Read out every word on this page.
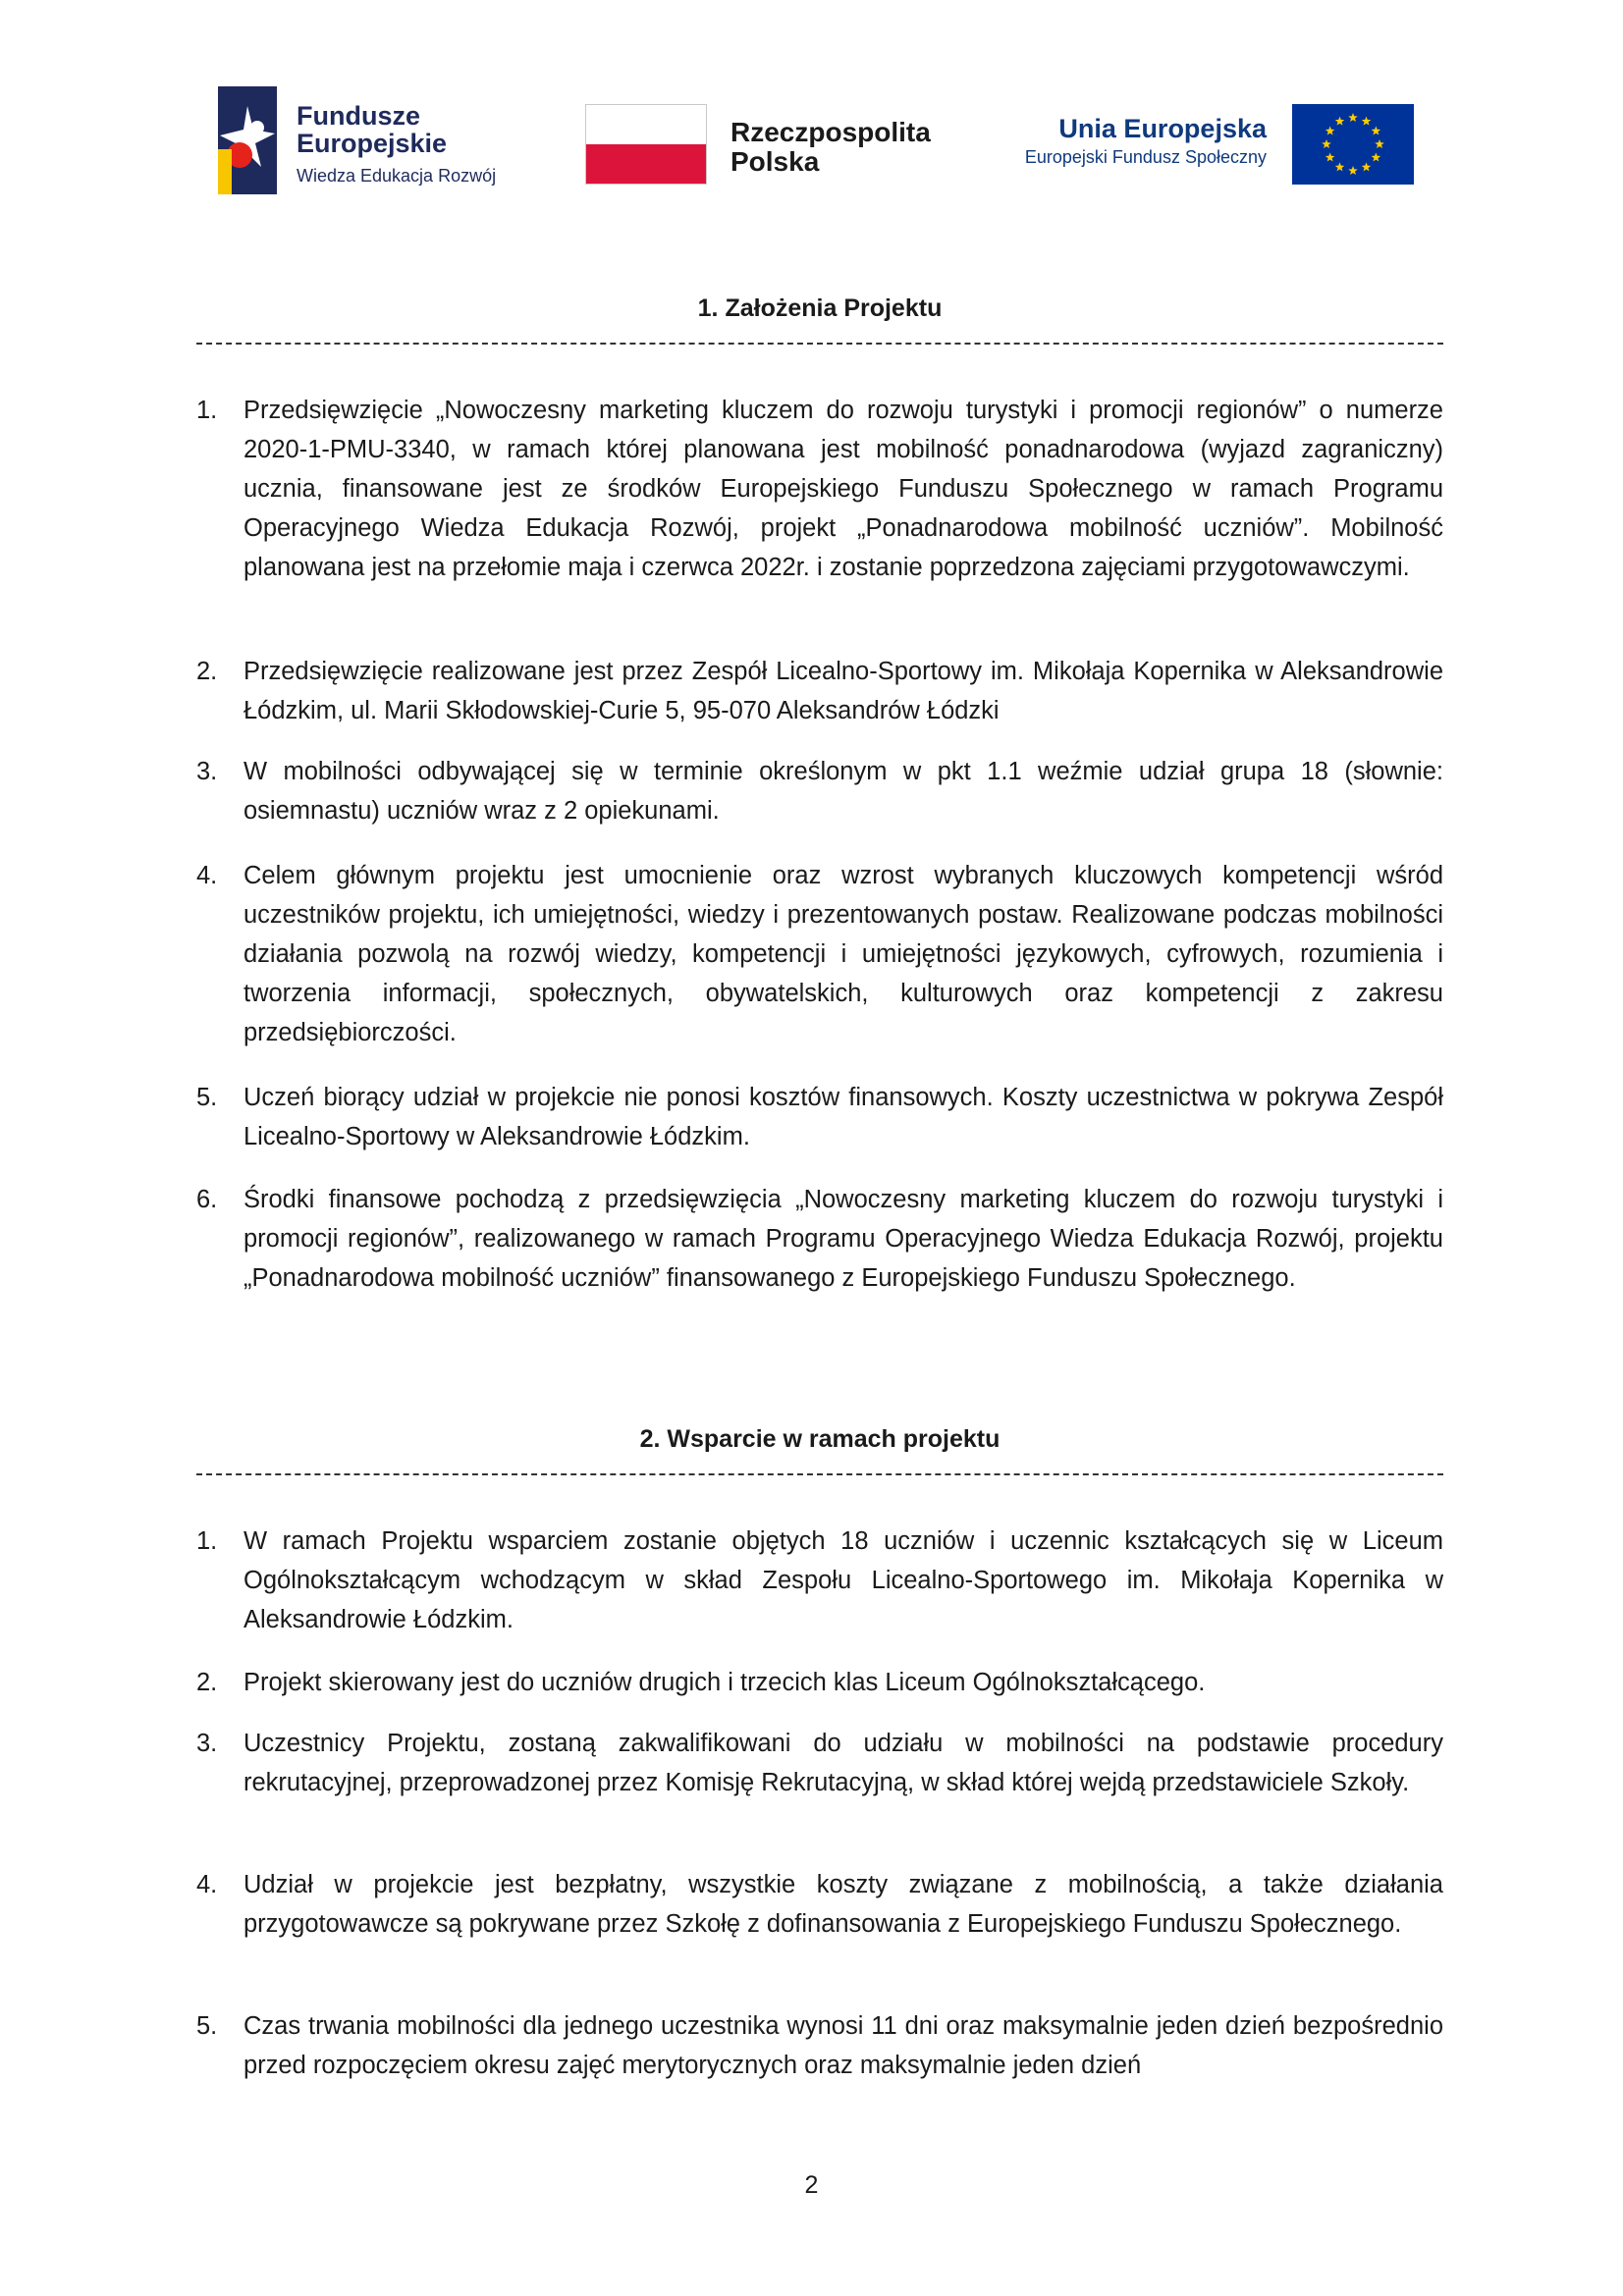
Fundusze
Europejskie
Wiedza Edukacja Rozwój
Rzeczpospolita
Polska
Unia Europejska
Europejski Fundusz Społeczny
1. Założenia Projektu
1.	Przedsięwzięcie „Nowoczesny marketing kluczem do rozwoju turystyki i promocji regionów” o numerze 2020-1-PMU-3340, w ramach której planowana jest mobilność ponadnarodowa (wyjazd zagraniczny) ucznia, finansowane jest ze środków Europejskiego Funduszu Społecznego w ramach Programu Operacyjnego Wiedza Edukacja Rozwój, projekt „Ponadnarodowa mobilność uczniów”. Mobilność planowana jest na przełomie maja i czerwca 2022r. i zostanie poprzedzona zajęciami przygotowawczymi.
2.	Przedsięwzięcie realizowane jest przez Zespół Licealno-Sportowy im. Mikołaja Kopernika w Aleksandrowie Łódzkim, ul. Marii Skłodowskiej-Curie 5, 95-070 Aleksandrów Łódzki
3.	W mobilności odbywającej się w terminie określonym w pkt 1.1 weźmie udział grupa 18 (słownie: osiemnastu) uczniów wraz z 2 opiekunami.
4.	Celem głównym projektu jest umocnienie oraz wzrost wybranych kluczowych kompetencji wśród uczestników projektu, ich umiejętności, wiedzy i prezentowanych postaw. Realizowane podczas mobilności działania pozwolą na rozwój wiedzy, kompetencji i umiejętności językowych, cyfrowych, rozumienia i tworzenia informacji, społecznych, obywatelskich, kulturowych oraz kompetencji z zakresu przedsiębiorczości.
5.	Uczeń biorący udział w projekcie nie ponosi kosztów finansowych. Koszty uczestnictwa w pokrywa Zespół Licealno-Sportowy w Aleksandrowie Łódzkim.
6.	Środki finansowe pochodzą z przedsięwzięcia „Nowoczesny marketing kluczem do rozwoju turystyki i promocji regionów”, realizowanego w ramach Programu Operacyjnego Wiedza Edukacja Rozwój, projektu „Ponadnarodowa mobilność uczniów” finansowanego z Europejskiego Funduszu Społecznego.
2. Wsparcie w ramach projektu
1.	W ramach Projektu wsparciem zostanie objętych 18 uczniów i uczennic kształcących się w Liceum Ogólnokształcącym wchodzącym w skład Zespołu Licealno-Sportowego im. Mikołaja Kopernika w Aleksandrowie Łódzkim.
2.	Projekt skierowany jest do uczniów drugich i trzecich klas Liceum Ogólnokształcącego.
3.	Uczestnicy Projektu, zostaną zakwalifikowani do udziału w mobilności na podstawie procedury rekrutacyjnej, przeprowadzonej przez Komisję Rekrutacyjną, w skład której wejdą przedstawiciele Szkoły.
4.	Udział w projekcie jest bezpłatny, wszystkie koszty związane z mobilnością, a także działania przygotowawcze są pokrywane przez Szkołę z dofinansowania z Europejskiego Funduszu Społecznego.
5.	Czas trwania mobilności dla jednego uczestnika wynosi 11 dni oraz maksymalnie jeden dzień bezpośrednio przed rozpoczęciem okresu zajęć merytorycznych oraz maksymalnie jeden dzień
2
